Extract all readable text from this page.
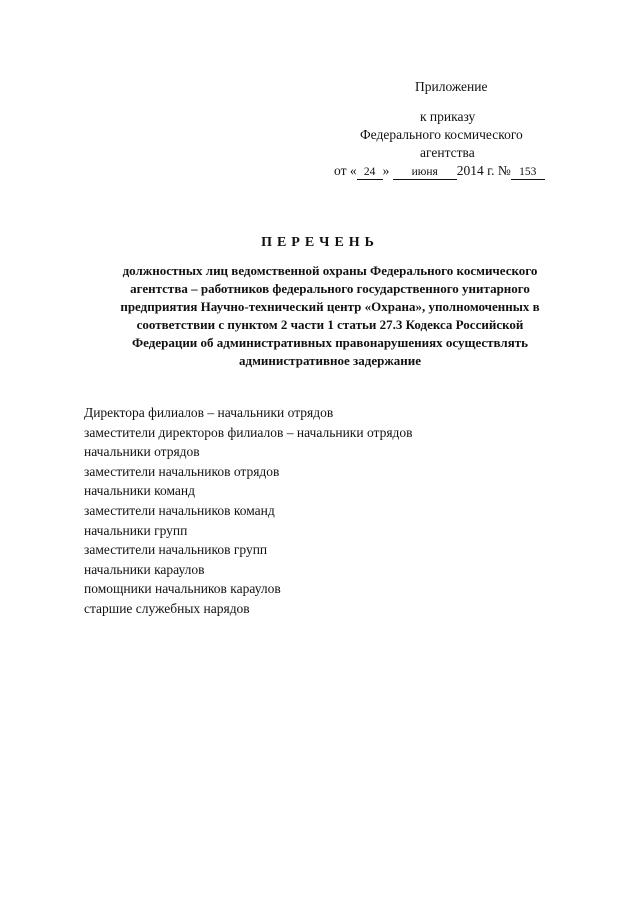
Приложение
к приказу
Федерального космического
агентства
от « 24 » июня 2014 г. № 153
ПЕРЕЧЕНЬ
должностных лиц ведомственной охраны Федерального космического
агентства – работников федерального государственного унитарного
предприятия Научно-технический центр «Охрана», уполномоченных в
соответствии с пунктом 2 части 1 статьи 27.3 Кодекса Российской
Федерации об административных правонарушениях осуществлять
административное задержание
Директора филиалов – начальники отрядов
заместители директоров филиалов – начальники отрядов
начальники отрядов
заместители начальников отрядов
начальники команд
заместители начальников команд
начальники групп
заместители начальников групп
начальники караулов
помощники начальников караулов
старшие служебных нарядов
